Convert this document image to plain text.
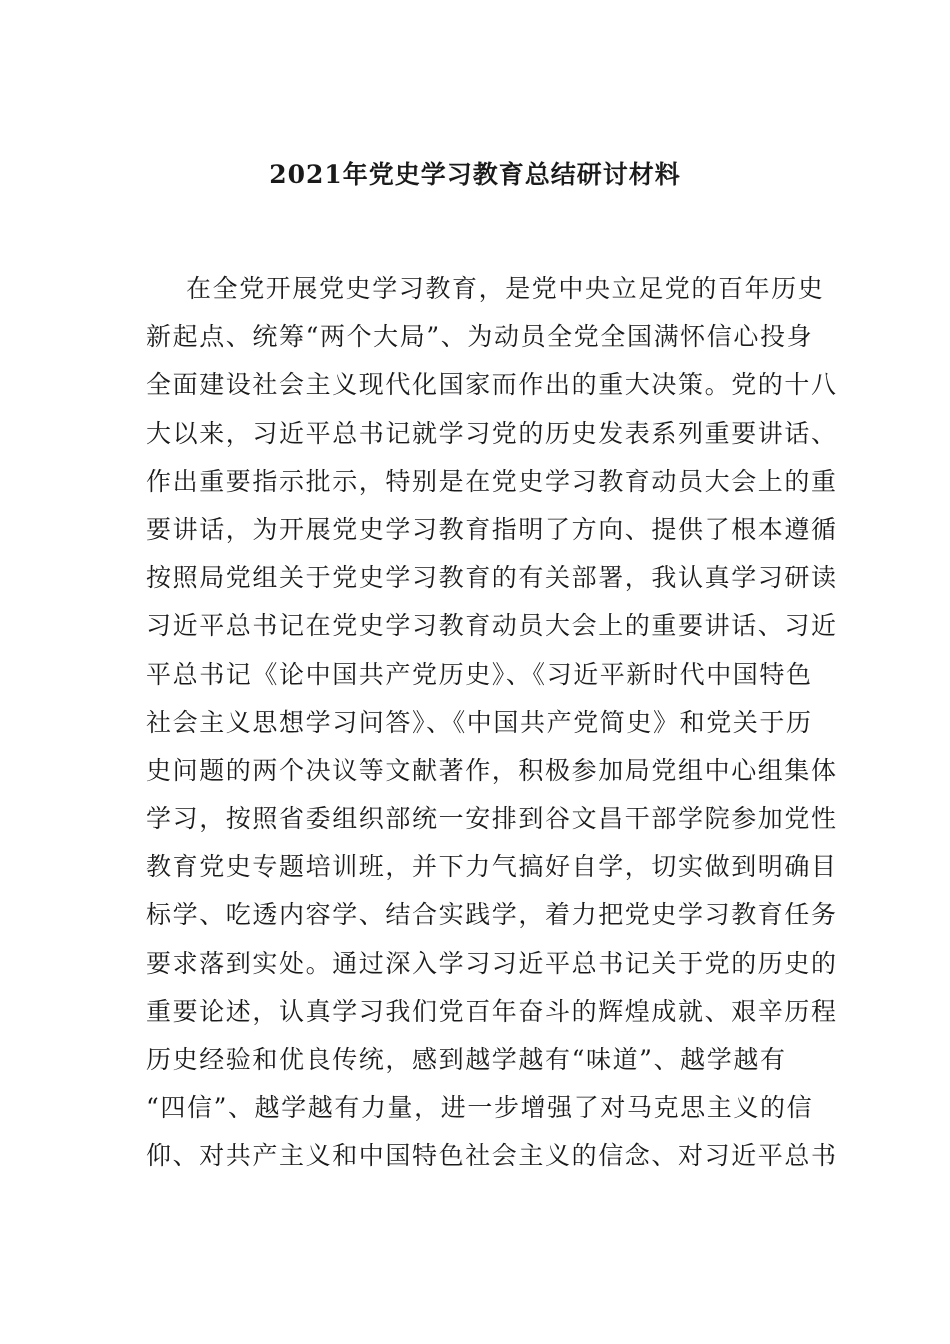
2021年党史学习教育总结研讨材料
在全党开展党史学习教育，是党中央立足党的百年历史
新起点、统筹“两个大局”、为动员全党全国满怀信心投身
全面建设社会主义现代化国家而作出的重大决策。党的十八
大以来，习近平总书记就学习党的历史发表系列重要讲话、
作出重要指示批示，特别是在党史学习教育动员大会上的重
要讲话，为开展党史学习教育指明了方向、提供了根本遵循
按照局党组关于党史学习教育的有关部署，我认真学习研读
习近平总书记在党史学习教育动员大会上的重要讲话、习近
平总书记《论中国共产党历史》、《习近平新时代中国特色
社会主义思想学习问答》、《中国共产党简史》和党关于历
史问题的两个决议等文献著作，积极参加局党组中心组集体
学习，按照省委组织部统一安排到谷文昌干部学院参加党性
教育党史专题培训班，并下力气搞好自学，切实做到明确目
标学、吃透内容学、结合实践学，着力把党史学习教育任务
要求落到实处。通过深入学习习近平总书记关于党的历史的
重要论述，认真学习我们党百年奋斗的辉煌成就、艰辛历程
历史经验和优良传统，感到越学越有“味道”、越学越有
“四信”、越学越有力量，进一步增强了对马克思主义的信
仰、对共产主义和中国特色社会主义的信念、对习近平总书
